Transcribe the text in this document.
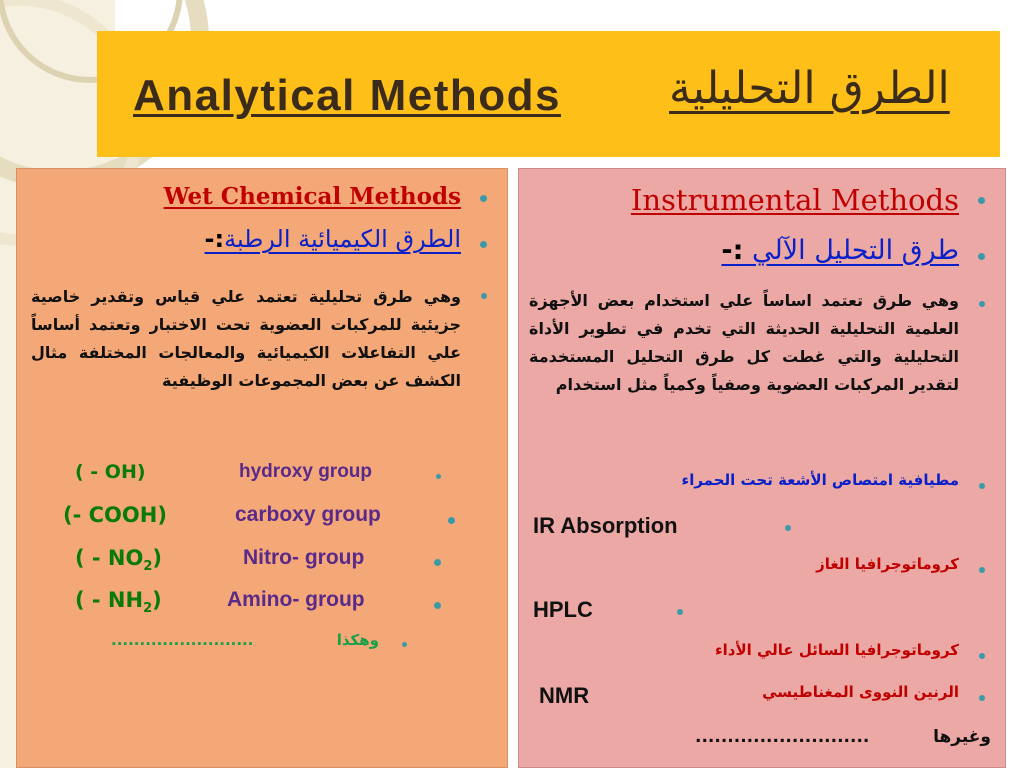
Analytical Methods الطرق التحليلية
Wet Chemical Methods
الطرق الكيميائية الرطبة:-
وهي طرق تحليلية تعتمد علي قياس وتقدير خاصية جزيئية للمركبات العضوية تحت الاختبار وتعتمد أساساً علي التفاعلات الكيميائية والمعالجات المختلفة مثال الكشف عن بعض المجموعات الوظيفية
hydroxy group
( - OH)
carboxy group
(- COOH)
Nitro- group
( - $NO_2$)
Amino- group
( - $NH_2$)
وهكذا
.........................
Instrumental Methods
طرق التحليل الآلي :-
وهي طرق تعتمد اساساً علي استخدام بعض الأجهزة العلمية التحليلية الحديثة التي تخدم في تطوير الأداة التحليلية والتي غطت كل طرق التحليل المستخدمة لتقدير المركبات العضوية وصفياً وكمياً مثل استخدام
مطيافية امتصاص الأشعة تحت الحمراء
IR Absorption
كروماتوجرافيا الغاز
HPLC
كروماتوجرافيا السائل عالي الأداء
الرنين النووى المغناطيسي
NMR
وغيرها
...........................
